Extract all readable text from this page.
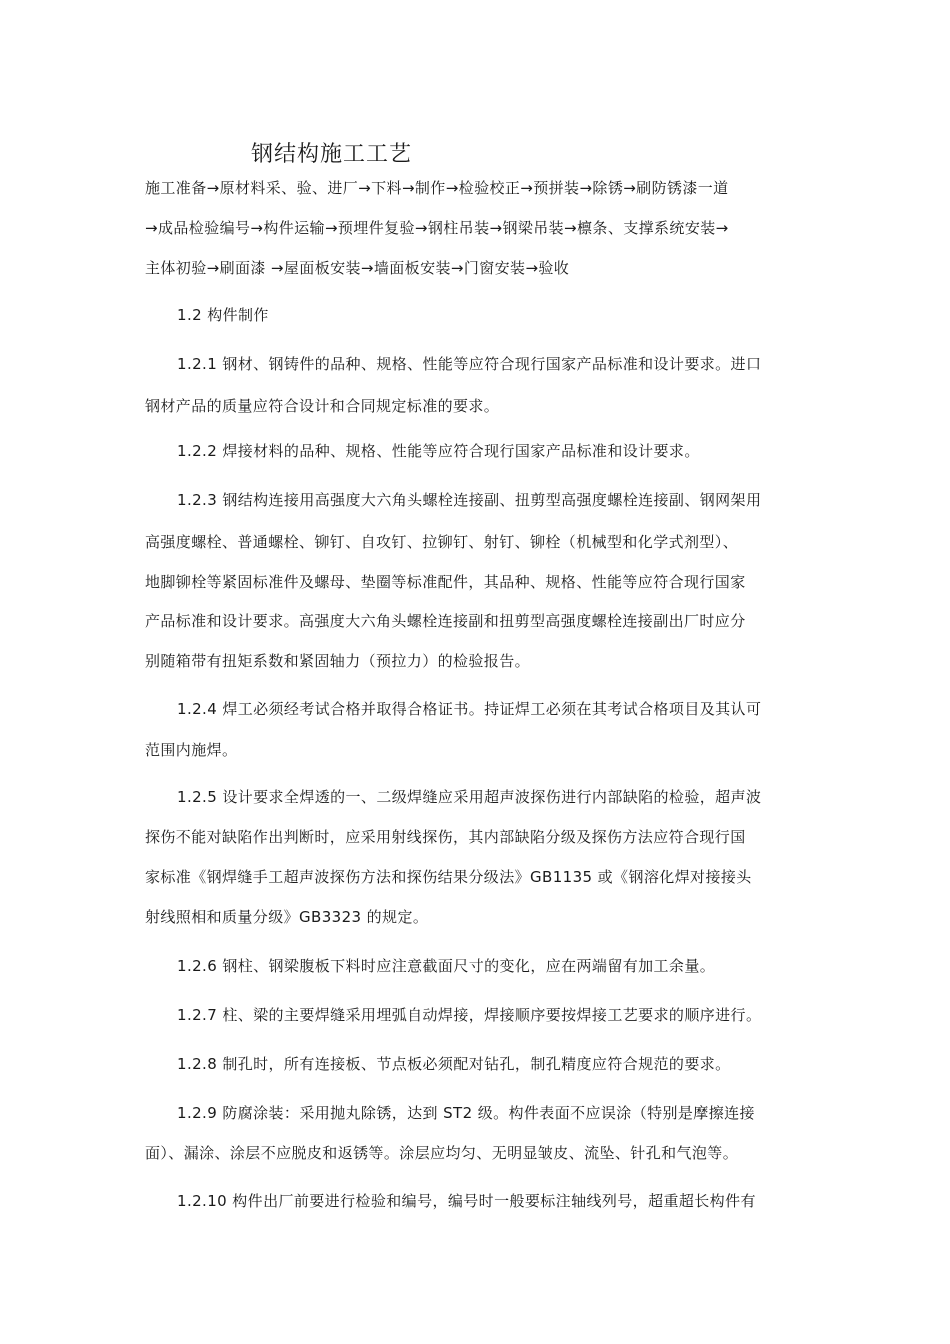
钢结构施工工艺
施工准备→原材料采、验、进厂→下料→制作→检验校正→预拼装→除锈→刷防锈漆一道
→成品检验编号→构件运输→预埋件复验→钢柱吊装→钢梁吊装→檩条、支撑系统安装→
主体初验→刷面漆 →屋面板安装→墙面板安装→门窗安装→验收
1.2 构件制作
1.2.1 钢材、钢铸件的品种、规格、性能等应符合现行国家产品标准和设计要求。进口
钢材产品的质量应符合设计和合同规定标准的要求。
1.2.2 焊接材料的品种、规格、性能等应符合现行国家产品标准和设计要求。
1.2.3 钢结构连接用高强度大六角头螺栓连接副、扭剪型高强度螺栓连接副、钢网架用
高强度螺栓、普通螺栓、铆钉、自攻钉、拉铆钉、射钉、铆栓（机械型和化学式剂型）、
地脚铆栓等紧固标准件及螺母、垫圈等标准配件，其品种、规格、性能等应符合现行国家
产品标准和设计要求。高强度大六角头螺栓连接副和扭剪型高强度螺栓连接副出厂时应分
别随箱带有扭矩系数和紧固轴力（预拉力）的检验报告。
1.2.4 焊工必须经考试合格并取得合格证书。持证焊工必须在其考试合格项目及其认可
范围内施焊。
1.2.5 设计要求全焊透的一、二级焊缝应采用超声波探伤进行内部缺陷的检验，超声波
探伤不能对缺陷作出判断时，应采用射线探伤，其内部缺陷分级及探伤方法应符合现行国
家标准《钢焊缝手工超声波探伤方法和探伤结果分级法》GB1135 或《钢溶化焊对接接头
射线照相和质量分级》GB3323 的规定。
1.2.6 钢柱、钢梁腹板下料时应注意截面尺寸的变化，应在两端留有加工余量。
1.2.7 柱、梁的主要焊缝采用埋弧自动焊接，焊接顺序要按焊接工艺要求的顺序进行。
1.2.8 制孔时，所有连接板、节点板必须配对钻孔，制孔精度应符合规范的要求。
1.2.9 防腐涂装：采用抛丸除锈，达到 ST2 级。构件表面不应误涂（特别是摩擦连接
面）、漏涂、涂层不应脱皮和返锈等。涂层应均匀、无明显皱皮、流坠、针孔和气泡等。
1.2.10 构件出厂前要进行检验和编号，编号时一般要标注轴线列号，超重超长构件有
